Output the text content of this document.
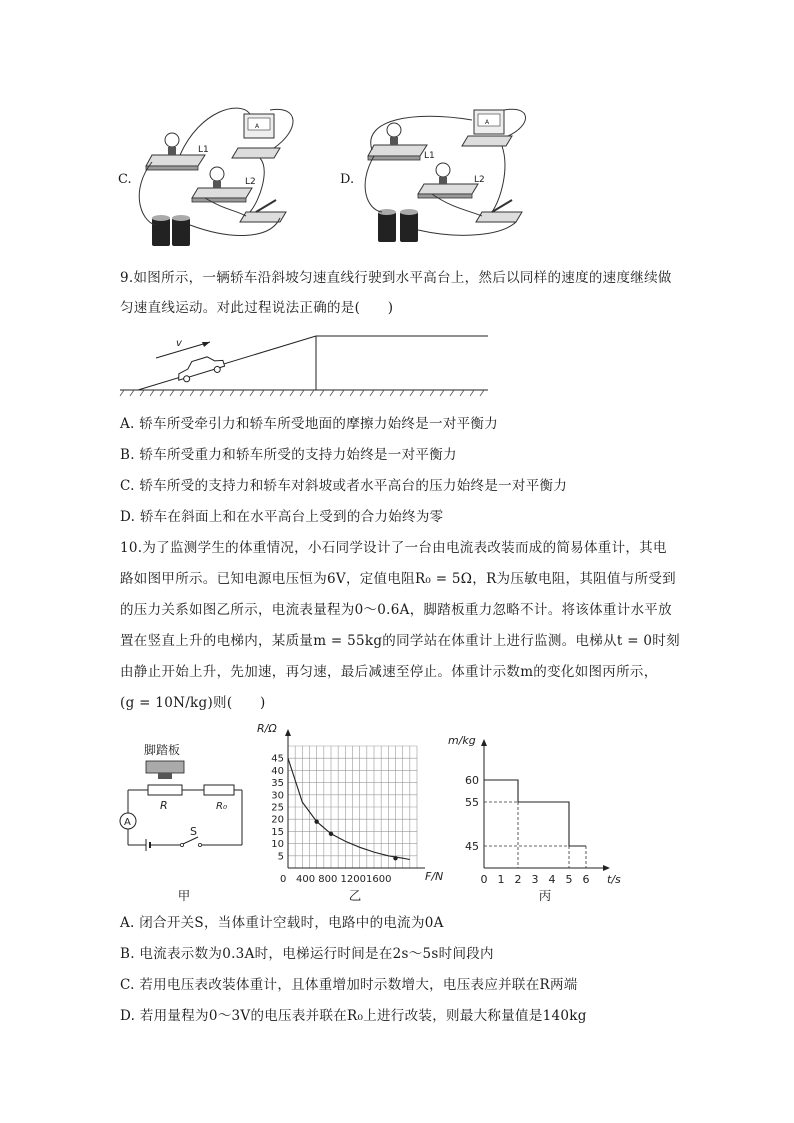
C.
L1
L2
A
D.
L1
L2
A
9.如图所示，一辆轿车沿斜坡匀速直线行驶到水平高台上，然后以同样的速度的速度继续做
匀速直线运动。对此过程说法正确的是(　　)
v
A. 轿车所受牵引力和轿车所受地面的摩擦力始终是一对平衡力
B. 轿车所受重力和轿车所受的支持力始终是一对平衡力
C. 轿车所受的支持力和轿车对斜坡或者水平高台的压力始终是一对平衡力
D. 轿车在斜面上和在水平高台上受到的合力始终为零
10.为了监测学生的体重情况，小石同学设计了一台由电流表改装而成的简易体重计，其电
路如图甲所示。已知电源电压恒为6V，定值电阻R₀ = 5Ω，R为压敏电阻，其阻值与所受到
的压力关系如图乙所示，电流表量程为0～0.6A，脚踏板重力忽略不计。将该体重计水平放
置在竖直上升的电梯内，某质量m = 55kg的同学站在体重计上进行监测。电梯从t = 0时刻
由静止开始上升，先加速，再匀速，最后减速至停止。体重计示数m的变化如图丙所示，
(g = 10N/kg)则(　　)
脚踏板
A
R	R₀
S
甲
R/Ω
F/N
0 400 800 12001600
45
40
35
30
25
20
15
10
5
乙
m/kg
t/s
0 1 2 3 4 5 6
60
55
45
丙
A. 闭合开关S，当体重计空载时，电路中的电流为0A
B. 电流表示数为0.3A时，电梯运行时间是在2s～5s时间段内
C. 若用电压表改装体重计，且体重增加时示数增大，电压表应并联在R两端
D. 若用量程为0～3V的电压表并联在R₀上进行改装，则最大称量值是140kg
